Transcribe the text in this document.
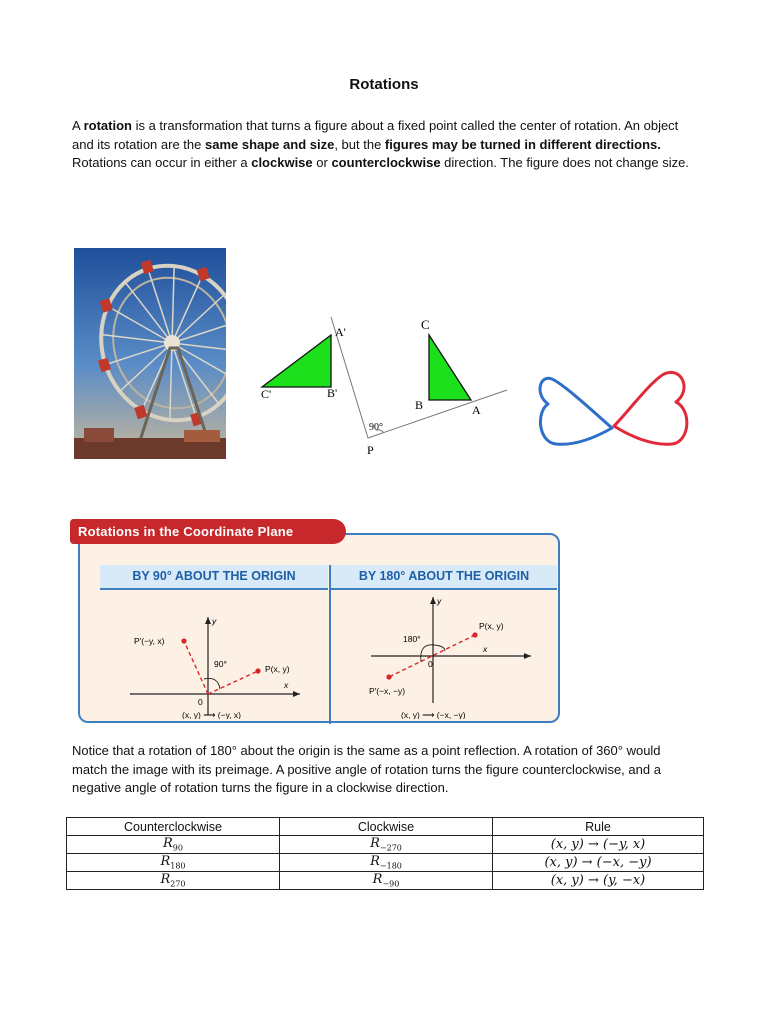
Rotations
A rotation is a transformation that turns a figure about a fixed point called the center of rotation. An object and its rotation are the same shape and size, but the figures may be turned in different directions. Rotations can occur in either a clockwise or counterclockwise direction. The figure does not change size.
A'
B'
C'
C
B	A
P
90°
BY 90° ABOUT THE ORIGIN	BY 180° ABOUT THE ORIGIN
y
x
0
90°	P(x, y)
P′(−y, x)
(x, y) ⟶ (−y, x)
y
x
0
180°
P(x, y)
P′(−x, −y)
(x, y) ⟶ (−x, −y)
Rotations in the Coordinate Plane
Notice that a rotation of 180° about the origin is the same as a point reflection. A rotation of 360° would match the image with its preimage. A positive angle of rotation turns the figure counterclockwise, and a negative angle of rotation turns the figure in a clockwise direction.
Counterclockwise	Clockwise	Rule
$R_{90}$	$R_{-270}$	(x, y) → (−y, x)
$R_{180}$	$R_{-180}$	(x, y) → (−x, −y)
$R_{270}$	$R_{-90}$	(x, y) → (y, −x)
